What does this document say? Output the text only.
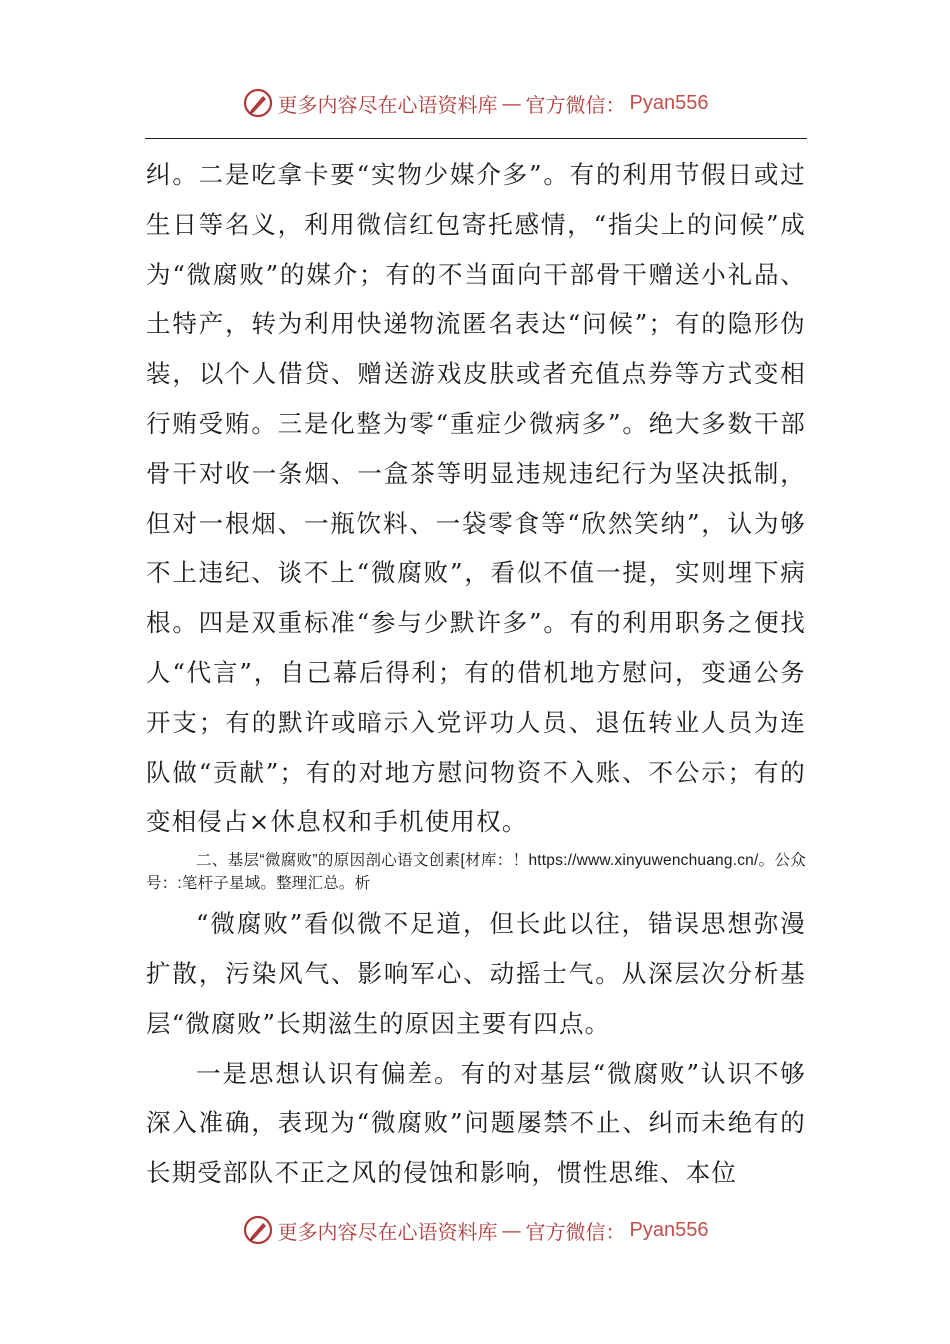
更多内容尽在心语资料库 — 官方微信： Pyan556

纠。二是吃拿卡要“实物少媒介多”。有的利用节假日或过生日等名义，利用微信红包寄托感情，“指尖上的问候”成为“微腐败”的媒介；有的不当面向干部骨干赠送小礼品、土特产，转为利用快递物流匿名表达“问候”；有的隐形伪装，以个人借贷、赠送游戏皮肤或者充值点券等方式变相行贿受贿。三是化整为零“重症少微病多”。绝大多数干部骨干对收一条烟、一盒茶等明显违规违纪行为坚决抵制，但对一根烟、一瓶饮料、一袋零食等“欣然笑纳”，认为够不上违纪、谈不上“微腐败”，看似不值一提，实则埋下病根。四是双重标准“参与少默许多”。有的利用职务之便找人“代言”，自己幕后得利；有的借机地方慰问，变通公务开支；有的默许或暗示入党评功人员、退伍转业人员为连队做“贡献”；有的对地方慰问物资不入账、不公示；有的变相侵占×休息权和手机使用权。

二、基层“微腐败”的原因剖心语文创素[材库：！https://www.xinyuwenchuang.cn/。公众号：:笔杆子星域。整理汇总。析

“微腐败”看似微不足道，但长此以往，错误思想弥漫扩散，污染风气、影响军心、动摇士气。从深层次分析基层“微腐败”长期滋生的原因主要有四点。

一是思想认识有偏差。有的对基层“微腐败”认识不够深入准确，表现为“微腐败”问题屡禁不止、纠而未绝有的长期受部队不正之风的侵蚀和影响，惯性思维、本位

更多内容尽在心语资料库 — 官方微信： Pyan556
